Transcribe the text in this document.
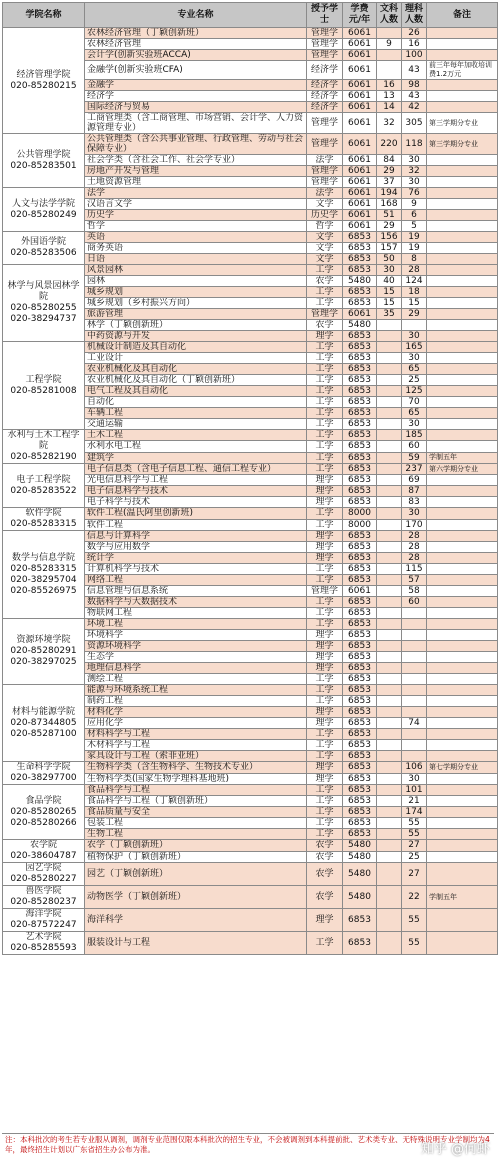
学院名称	专业名称	授予学士	学费元/年	文科人数	理科人数	备注

经济管理学院
020-85280215	农林经济管理（丁颖创新班）	管理学	6061		26	
	农林经济管理	管理学	6061	9	16	
	会计学(创新实验班ACCA)	管理学	6061		100	
	金融学(创新实验班CFA)	经济学	6061		43	前三年每年加收培训费1.2万元
	金融学	经济学	6061	16	98	
	经济学	经济学	6061	13	43	
	国际经济与贸易	经济学	6061	14	42	
	工商管理类（含工商管理、市场营销、会计学、人力资源管理专业）	管理学	6061	32	305	第三学期分专业

公共管理学院
020-85283501	公共管理类（含公共事业管理、行政管理、劳动与社会保障专业）	管理学	6061	220	118	第三学期分专业
	社会学类（含社会工作、社会学专业）	法学	6061	84	30	
	房地产开发与管理	管理学	6061	29	32	
	土地资源管理	管理学	6061	37	30	

人文与法学学院
020-85280249	法学	法学	6061	194	76	
	汉语言文学	文学	6061	168	9	
	历史学	历史学	6061	51	6	
	哲学	哲学	6061	29	5	

外国语学院
020-85283506	英语	文学	6853	156	19	
	商务英语	文学	6853	157	19	
	日语	文学	6853	50	8	

林学与风景园林学院
020-85280255 020-38294737	风景园林	工学	6853	30	28	
	园林	农学	5480	40	124	
	城乡规划	工学	6853	15	18	
	城乡规划（乡村振兴方向）	工学	6853	15	15	
	旅游管理	管理学	6061	35	29	
	林学（丁颖创新班）	农学	5480			
	中药资源与开发	理学	6853		30	

工程学院
020-85281008	机械设计制造及其自动化	工学	6853		165	
	工业设计	工学	6853		30	
	农业机械化及其自动化	工学	6853		65	
	农业机械化及其自动化（丁颖创新班）	工学	6853		25	
	电气工程及其自动化	工学	6853		125	
	自动化	工学	6853		70	
	车辆工程	工学	6853		65	
	交通运输	工学	6853		30	

水利与土木工程学院
020-85282190	土木工程	工学	6853		185	
	水利水电工程	工学	6853		60	
	建筑学	工学	6853		59	学制五年

电子工程学院
020-85283522	电子信息类（含电子信息工程、通信工程专业）	工学	6853		237	第六学期分专业
	光电信息科学与工程	理学	6853		69	
	电子信息科学与技术	理学	6853		87	
	电子科学与技术	理学	6853		83	

软件学院
020-85283315	软件工程(温氏阿里创新班)	工学	8000		30	
	软件工程	工学	8000		170	

数学与信息学院
020-85283315 020-38295704 020-85526975	信息与计算科学	理学	6853		28	
	数学与应用数学	理学	6853		28	
	统计学	理学	6853		28	
	计算机科学与技术	工学	6853		115	
	网络工程	工学	6853		57	
	信息管理与信息系统	管理学	6061		58	
	数据科学与大数据技术	工学	6853		60	
	物联网工程	工学	6853			

资源环境学院
020-85280291 020-38297025	环境工程	工学	6853			
	环境科学	理学	6853			
	资源环境科学	理学	6853			
	生态学	理学	6853			
	地理信息科学	理学	6853			
	测绘工程	工学	6853			

材料与能源学院
020-87344805 020-85287100	能源与环境系统工程	工学	6853			
	制药工程	工学	6853			
	材料化学	理学	6853			
	应用化学	理学	6853		74	
	材料科学与工程	工学	6853			
	木材科学与工程	工学	6853			
	家具设计与工程（索菲亚班）	工学	6853			

生命科学学院
020-38297700	生物科学类（含生物科学、生物技术专业）	理学	6853		106	第七学期分专业
	生物科学类(国家生物学理科基地班)	理学	6853		30	

食品学院
020-85280265 020-85280266	食品科学与工程	工学	6853		101	
	食品科学与工程（丁颖创新班）	工学	6853		21	
	食品质量与安全	工学	6853		174	
	包装工程	工学	6853		55	
	生物工程	工学	6853		55	

农学院
020-38604787	农学（丁颖创新班）	农学	5480		27	
	植物保护（丁颖创新班）	农学	5480		25	

园艺学院
020-85280227	园艺（丁颖创新班）	农学	5480		27	

兽医学院
020-85280237	动物医学（丁颖创新班）	农学	5480		22	学制五年

海洋学院
020-87572247	海洋科学	理学	6853		55	

艺术学院
020-85285593	服装设计与工程	工学	6853		55	
注：本科批次的考生若专业服从调剂，调剂专业范围仅限本科批次的招生专业，不会被调剂到本科提前批、艺术类专业、无特殊说明专业学制均为4年，最终招生计划以广东省招生办公布为准。	知乎 @何虾
